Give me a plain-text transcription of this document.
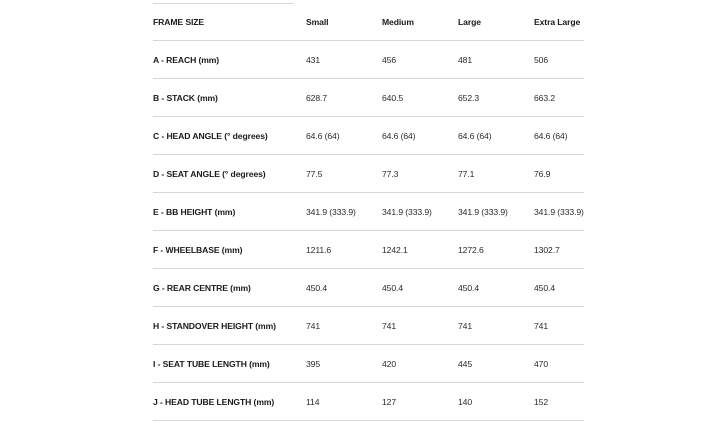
FRAME SIZE	Small	Medium	Large	Extra Large
A - REACH (mm)	431	456	481	506
B - STACK (mm)	628.7	640.5	652.3	663.2
C - HEAD ANGLE (° degrees)	64.6 (64)	64.6 (64)	64.6 (64)	64.6 (64)
D - SEAT ANGLE (° degrees)	77.5	77.3	77.1	76.9
E - BB HEIGHT (mm)	341.9 (333.9)	341.9 (333.9)	341.9 (333.9)	341.9 (333.9)
F - WHEELBASE (mm)	1211.6	1242.1	1272.6	1302.7
G - REAR CENTRE (mm)	450.4	450.4	450.4	450.4
H - STANDOVER HEIGHT (mm)	741	741	741	741
I - SEAT TUBE LENGTH (mm)	395	420	445	470
J - HEAD TUBE LENGTH (mm)	114	127	140	152
